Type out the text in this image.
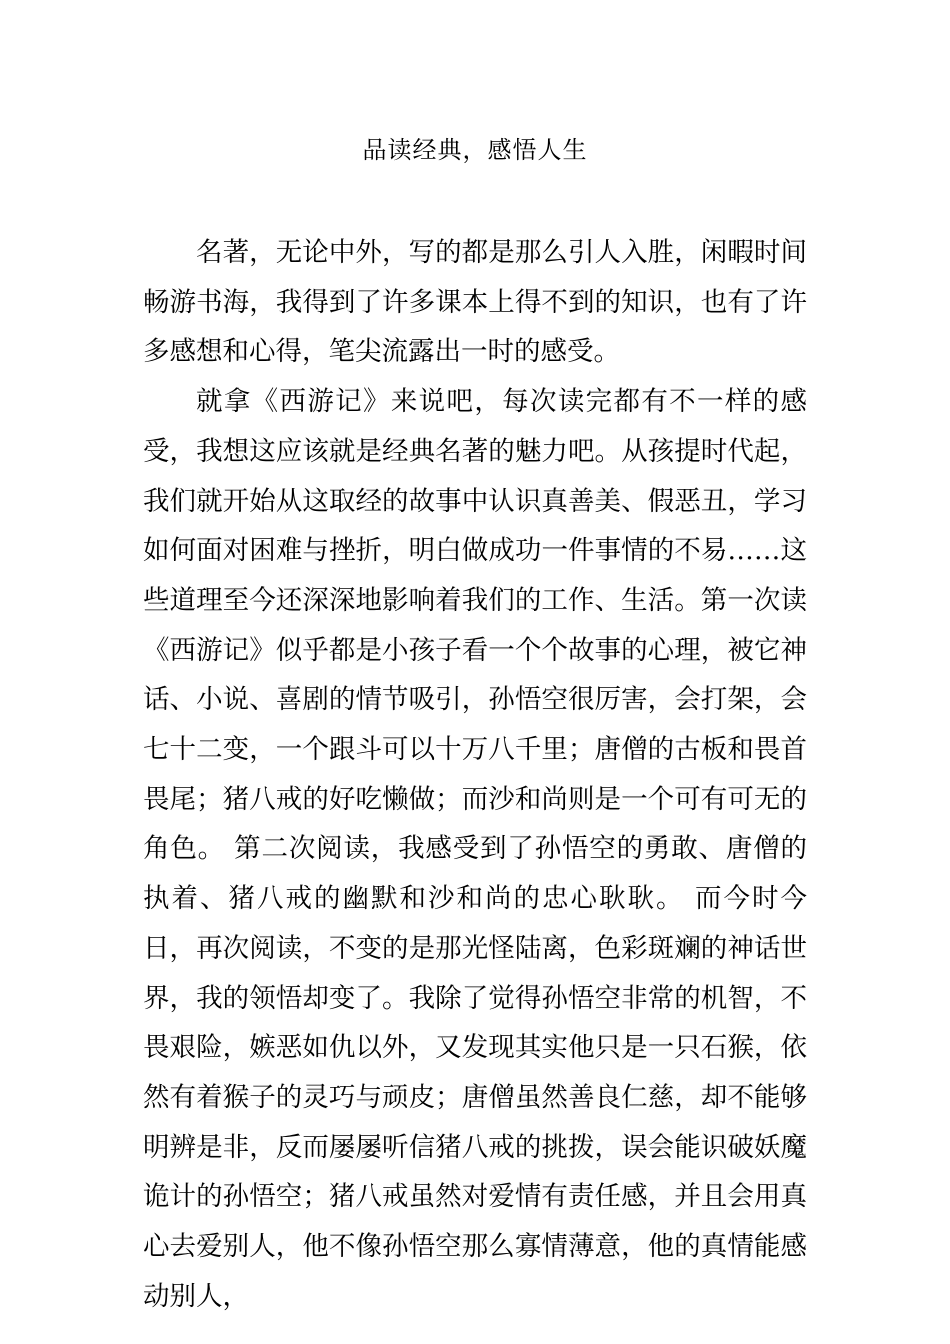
品读经典，感悟人生

名著，无论中外，写的都是那么引人入胜，闲暇时间畅游书海，我得到了许多课本上得不到的知识，也有了许多感想和心得，笔尖流露出一时的感受。

就拿《西游记》来说吧，每次读完都有不一样的感受，我想这应该就是经典名著的魅力吧。从孩提时代起，我们就开始从这取经的故事中认识真善美、假恶丑，学习如何面对困难与挫折，明白做成功一件事情的不易……这些道理至今还深深地影响着我们的工作、生活。第一次读《西游记》似乎都是小孩子看一个个故事的心理，被它神话、小说、喜剧的情节吸引，孙悟空很厉害，会打架，会七十二变，一个跟斗可以十万八千里；唐僧的古板和畏首畏尾；猪八戒的好吃懒做；而沙和尚则是一个可有可无的角色。 第二次阅读，我感受到了孙悟空的勇敢、唐僧的执着、猪八戒的幽默和沙和尚的忠心耿耿。 而今时今日，再次阅读，不变的是那光怪陆离，色彩斑斓的神话世界，我的领悟却变了。我除了觉得孙悟空非常的机智，不畏艰险，嫉恶如仇以外，又发现其实他只是一只石猴，依然有着猴子的灵巧与顽皮；唐僧虽然善良仁慈，却不能够明辨是非，反而屡屡听信猪八戒的挑拨，误会能识破妖魔诡计的孙悟空；猪八戒虽然对爱情有责任感，并且会用真心去爱别人，他不像孙悟空那么寡情薄意，他的真情能感动别人，
